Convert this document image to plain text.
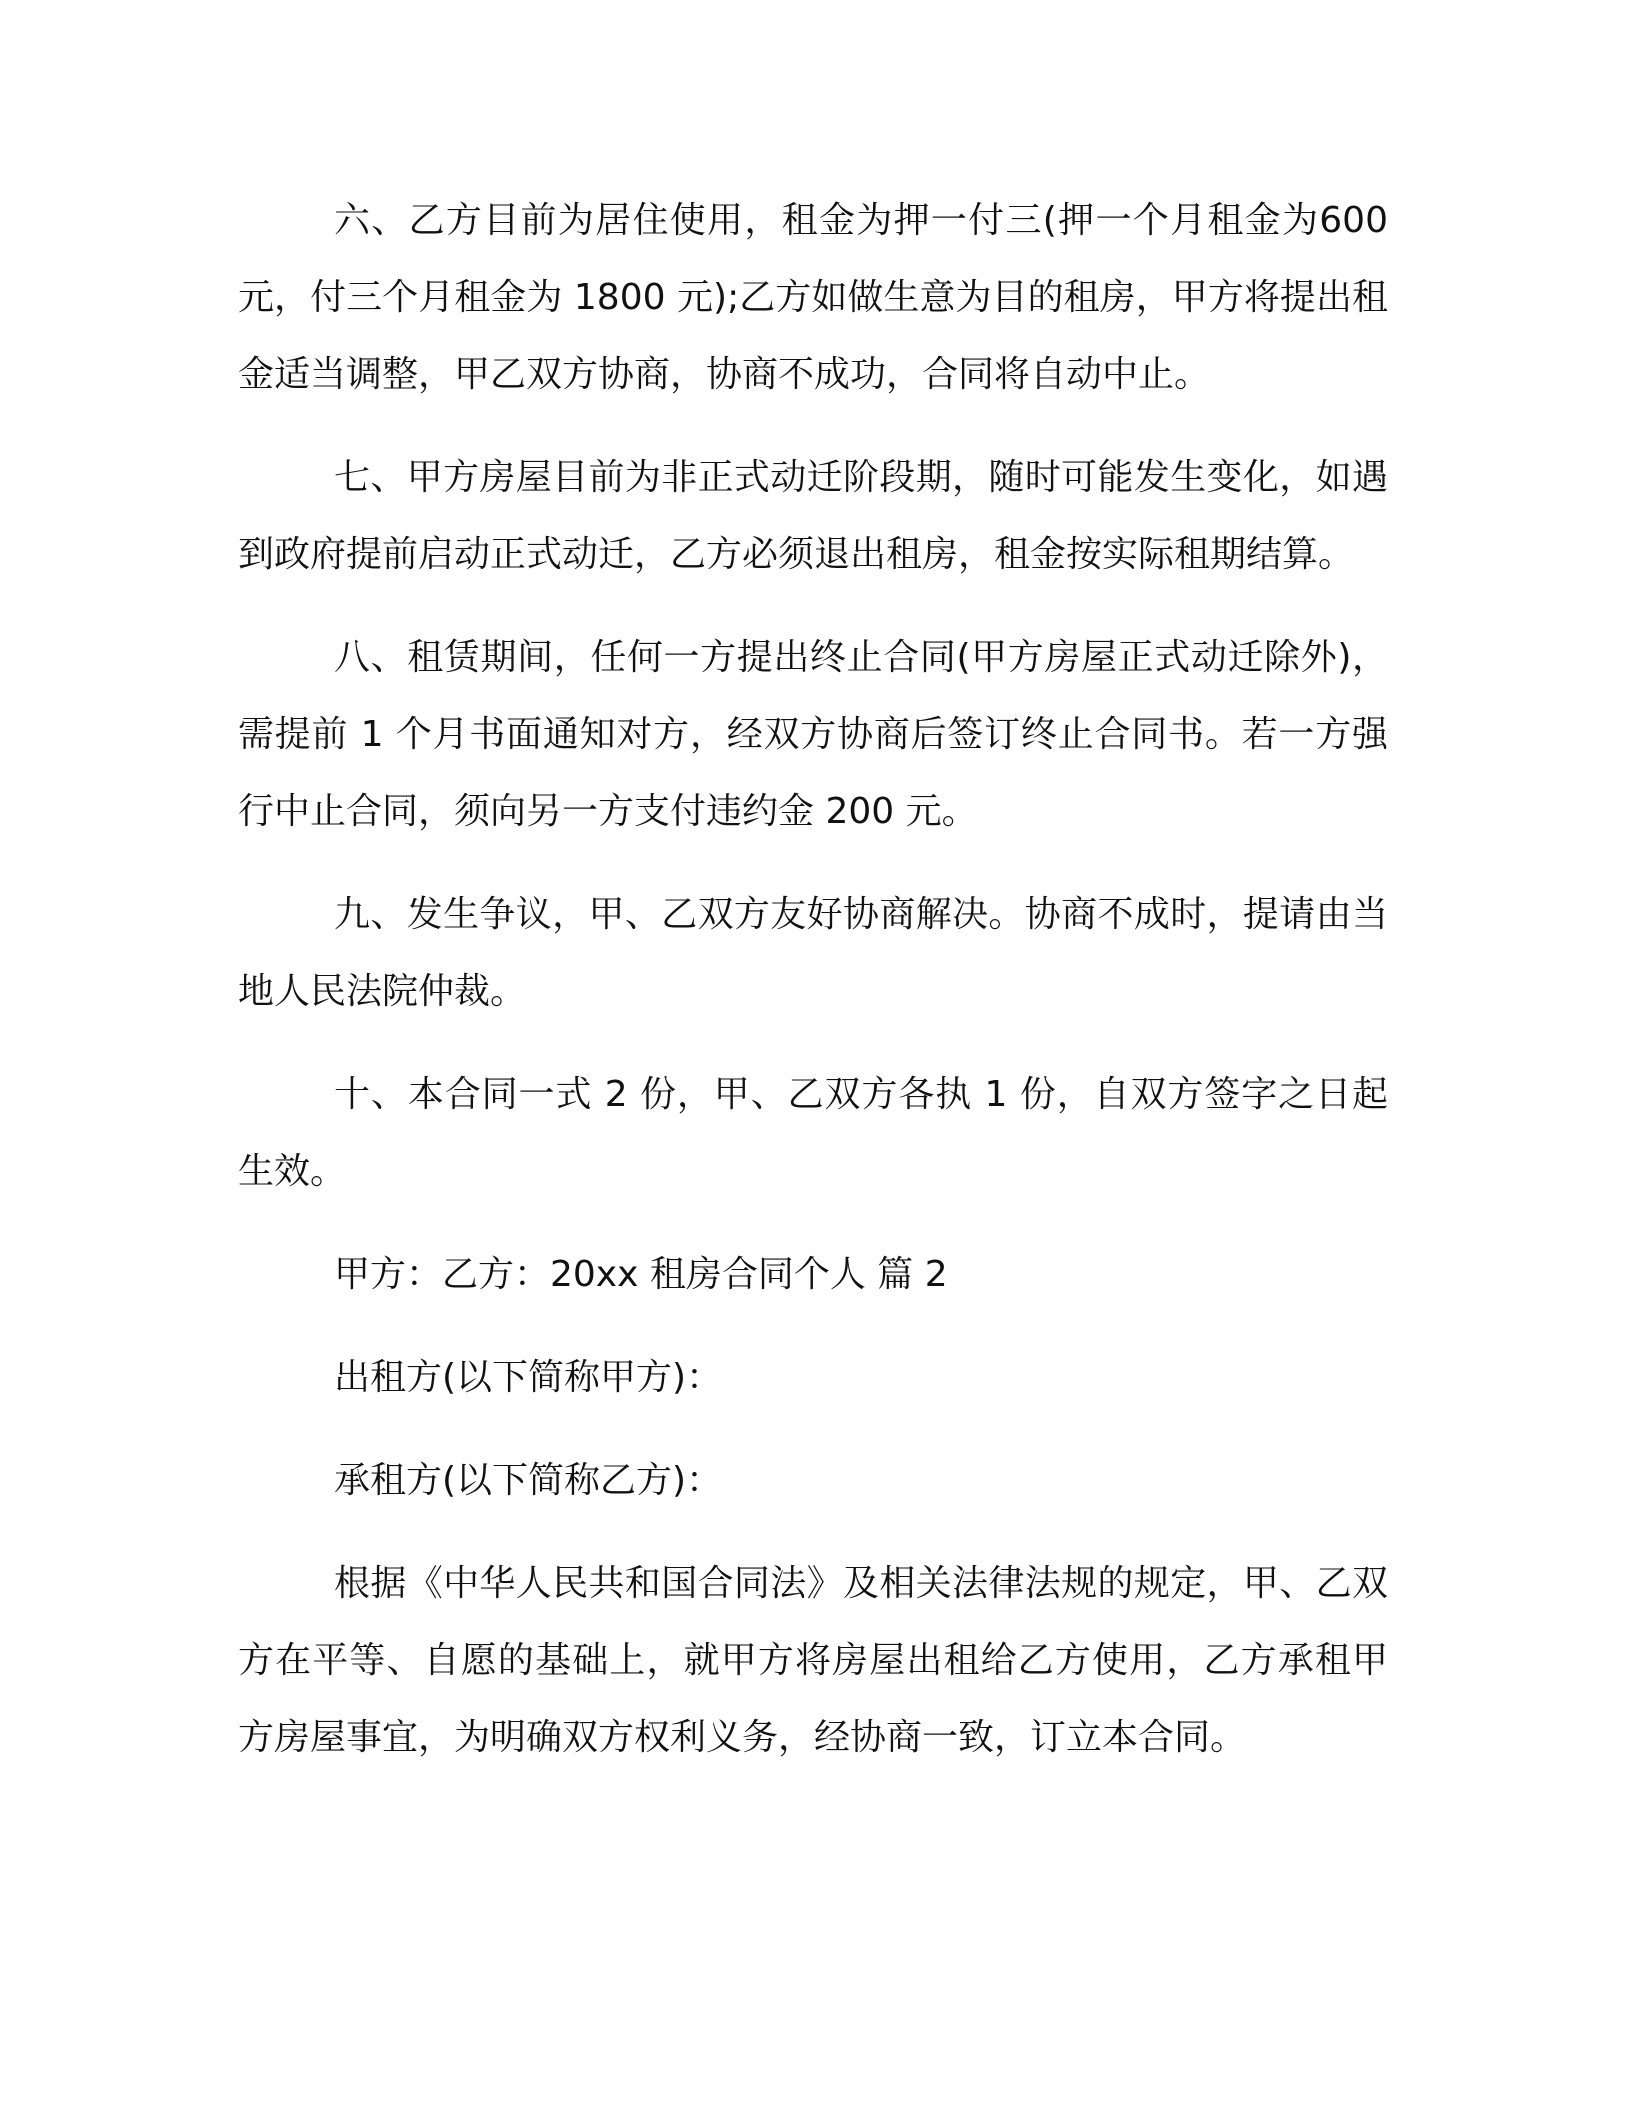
六、乙方目前为居住使用，租金为押一付三(押一个月租金为600 元，付三个月租金为 1800 元);乙方如做生意为目的租房，甲方将提出租金适当调整，甲乙双方协商，协商不成功，合同将自动中止。

七、甲方房屋目前为非正式动迁阶段期，随时可能发生变化，如遇到政府提前启动正式动迁，乙方必须退出租房，租金按实际租期结算。

八、租赁期间，任何一方提出终止合同(甲方房屋正式动迁除外)，需提前 1 个月书面通知对方，经双方协商后签订终止合同书。若一方强行中止合同，须向另一方支付违约金 200 元。

九、发生争议，甲、乙双方友好协商解决。协商不成时，提请由当地人民法院仲裁。

十、本合同一式 2 份，甲、乙双方各执 1 份，自双方签字之日起生效。

甲方：乙方：20xx 租房合同个人 篇 2

出租方(以下简称甲方)：

承租方(以下简称乙方)：

根据《中华人民共和国合同法》及相关法律法规的规定，甲、乙双方在平等、自愿的基础上，就甲方将房屋出租给乙方使用，乙方承租甲方房屋事宜，为明确双方权利义务，经协商一致，订立本合同。
